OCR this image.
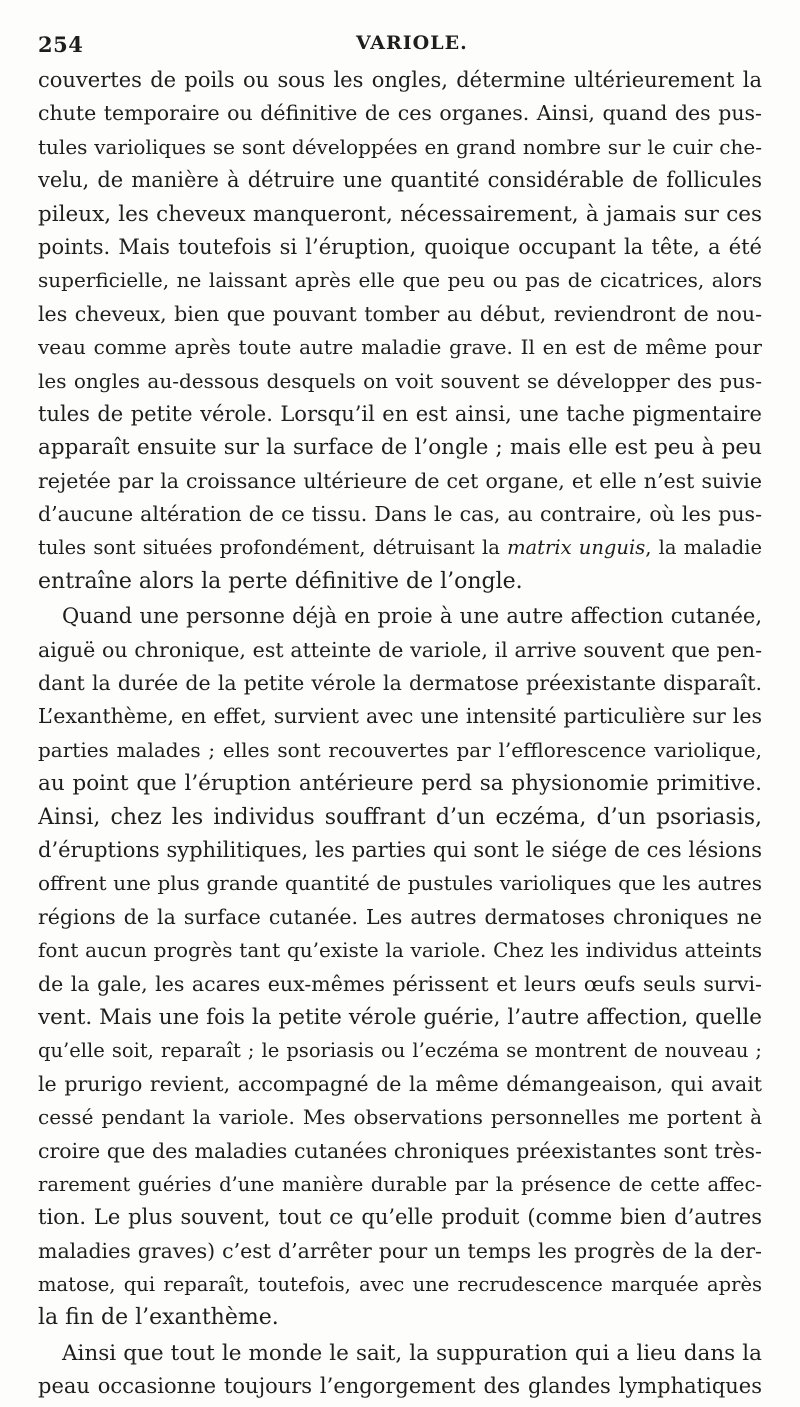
254	VARIOLE.
couvertes de poils ou sous les ongles, détermine ultérieurement la
chute temporaire ou définitive de ces organes. Ainsi, quand des pus-
tules varioliques se sont développées en grand nombre sur le cuir che-
velu, de manière à détruire une quantité considérable de follicules
pileux, les cheveux manqueront, nécessairement, à jamais sur ces
points. Mais toutefois si l’éruption, quoique occupant la tête, a été
superficielle, ne laissant après elle que peu ou pas de cicatrices, alors
les cheveux, bien que pouvant tomber au début, reviendront de nou-
veau comme après toute autre maladie grave. Il en est de même pour
les ongles au-dessous desquels on voit souvent se développer des pus-
tules de petite vérole. Lorsqu’il en est ainsi, une tache pigmentaire
apparaît ensuite sur la surface de l’ongle ; mais elle est peu à peu
rejetée par la croissance ultérieure de cet organe, et elle n’est suivie
d’aucune altération de ce tissu. Dans le cas, au contraire, où les pus-
tules sont situées profondément, détruisant la matrix unguis, la maladie
entraîne alors la perte définitive de l’ongle.
Quand une personne déjà en proie à une autre affection cutanée,
aiguë ou chronique, est atteinte de variole, il arrive souvent que pen-
dant la durée de la petite vérole la dermatose préexistante disparaît.
L’exanthème, en effet, survient avec une intensité particulière sur les
parties malades ; elles sont recouvertes par l’efflorescence variolique,
au point que l’éruption antérieure perd sa physionomie primitive.
Ainsi, chez les individus souffrant d’un eczéma, d’un psoriasis,
d’éruptions syphilitiques, les parties qui sont le siége de ces lésions
offrent une plus grande quantité de pustules varioliques que les autres
régions de la surface cutanée. Les autres dermatoses chroniques ne
font aucun progrès tant qu’existe la variole. Chez les individus atteints
de la gale, les acares eux-mêmes périssent et leurs œufs seuls survi-
vent. Mais une fois la petite vérole guérie, l’autre affection, quelle
qu’elle soit, reparaît ; le psoriasis ou l’eczéma se montrent de nouveau ;
le prurigo revient, accompagné de la même démangeaison, qui avait
cessé pendant la variole. Mes observations personnelles me portent à
croire que des maladies cutanées chroniques préexistantes sont très-
rarement guéries d’une manière durable par la présence de cette affec-
tion. Le plus souvent, tout ce qu’elle produit (comme bien d’autres
maladies graves) c’est d’arrêter pour un temps les progrès de la der-
matose, qui reparaît, toutefois, avec une recrudescence marquée après
la fin de l’exanthème.
Ainsi que tout le monde le sait, la suppuration qui a lieu dans la
peau occasionne toujours l’engorgement des glandes lymphatiques
